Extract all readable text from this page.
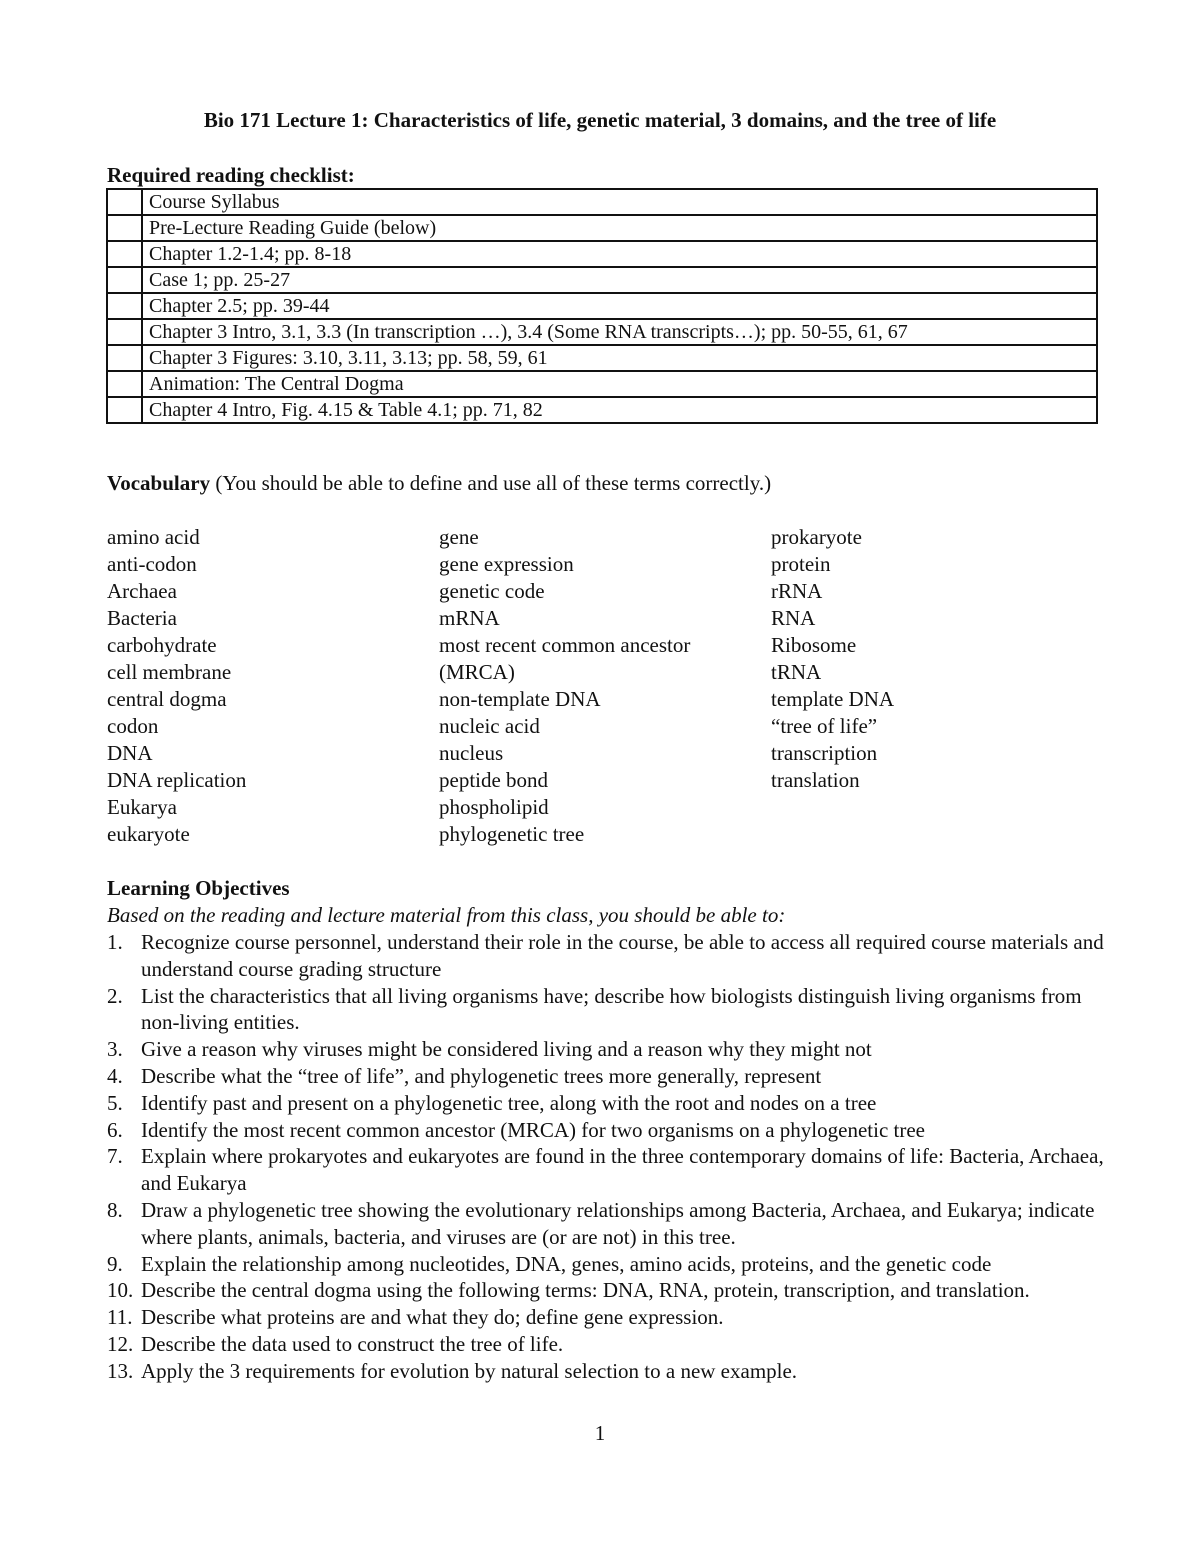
Bio 171 Lecture 1: Characteristics of life, genetic material, 3 domains, and the tree of life
Required reading checklist:
	Course Syllabus
	Pre-Lecture Reading Guide (below)
	Chapter 1.2-1.4; pp. 8-18
	Case 1; pp. 25-27
	Chapter 2.5; pp. 39-44
	Chapter 3 Intro, 3.1, 3.3 (In transcription …), 3.4 (Some RNA transcripts…); pp. 50-55, 61, 67
	Chapter 3 Figures: 3.10, 3.11, 3.13; pp. 58, 59, 61
	Animation: The Central Dogma
	Chapter 4 Intro, Fig. 4.15 & Table 4.1; pp. 71, 82
Vocabulary (You should be able to define and use all of these terms correctly.)
amino acid
anti-codon
Archaea
Bacteria
carbohydrate
cell membrane
central dogma
codon
DNA
DNA replication
Eukarya
eukaryote
gene
gene expression
genetic code
mRNA
most recent common ancestor
(MRCA)
non-template DNA
nucleic acid
nucleus
peptide bond
phospholipid
phylogenetic tree
prokaryote
protein
rRNA
RNA
Ribosome
tRNA
template DNA
“tree of life”
transcription
translation
Learning Objectives
Based on the reading and lecture material from this class, you should be able to:
1. Recognize course personnel, understand their role in the course, be able to access all required course materials and understand course grading structure
2. List the characteristics that all living organisms have; describe how biologists distinguish living organisms from non-living entities.
3. Give a reason why viruses might be considered living and a reason why they might not
4. Describe what the “tree of life”, and phylogenetic trees more generally, represent
5. Identify past and present on a phylogenetic tree, along with the root and nodes on a tree
6. Identify the most recent common ancestor (MRCA) for two organisms on a phylogenetic tree
7. Explain where prokaryotes and eukaryotes are found in the three contemporary domains of life: Bacteria, Archaea, and Eukarya
8. Draw a phylogenetic tree showing the evolutionary relationships among Bacteria, Archaea, and Eukarya; indicate where plants, animals, bacteria, and viruses are (or are not) in this tree.
9. Explain the relationship among nucleotides, DNA, genes, amino acids, proteins, and the genetic code
10. Describe the central dogma using the following terms: DNA, RNA, protein, transcription, and translation.
11. Describe what proteins are and what they do; define gene expression.
12. Describe the data used to construct the tree of life.
13. Apply the 3 requirements for evolution by natural selection to a new example.
1
